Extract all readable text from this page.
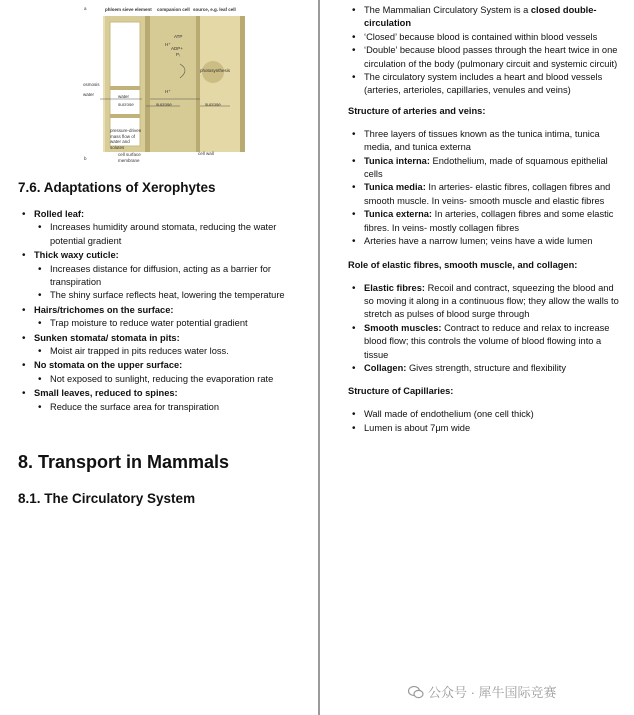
a
b
phloem sieve element companion cell source, e.g. leaf cell
ATP
ADP+
Pᵢ
H⁺
H⁺
photosynthesis
osmosis
water	water
sucrose	sucrose	sucrose
pressure-driven mass flow of water and solutes
cell surface membrane
cell wall
7.6. Adaptations of Xerophytes
• Rolled leaf:
• Increases humidity around stomata, reducing the water potential gradient
• Thick waxy cuticle:
• Increases distance for diffusion, acting as a barrier for transpiration
• The shiny surface reflects heat, lowering the temperature
• Hairs/trichomes on the surface:
• Trap moisture to reduce water potential gradient
• Sunken stomata/ stomata in pits:
• Moist air trapped in pits reduces water loss.
• No stomata on the upper surface:
• Not exposed to sunlight, reducing the evaporation rate
• Small leaves, reduced to spines:
• Reduce the surface area for transpiration
8. Transport in Mammals
8.1. The Circulatory System
• The Mammalian Circulatory System is a closed double-circulation
• ‘Closed’ because blood is contained within blood vessels
• ‘Double’ because blood passes through the heart twice in one circulation of the body (pulmonary circuit and systemic circuit)
• The circulatory system includes a heart and blood vessels (arteries, arterioles, capillaries, venules and veins)

Structure of arteries and veins:

• Three layers of tissues known as the tunica intima, tunica media, and tunica externa
• Tunica interna: Endothelium, made of squamous epithelial cells
• Tunica media: In arteries- elastic fibres, collagen fibres and smooth muscle. In veins- smooth muscle and elastic fibres
• Tunica externa: In arteries, collagen fibres and some elastic fibres. In veins- mostly collagen fibres
• Arteries have a narrow lumen; veins have a wide lumen

Role of elastic fibres, smooth muscle, and collagen:

• Elastic fibres: Recoil and contract, squeezing the blood and so moving it along in a continuous flow; they allow the walls to stretch as pulses of blood surge through
• Smooth muscles: Contract to reduce and relax to increase blood flow; this controls the volume of blood flowing into a tissue
• Collagen: Gives strength, structure and flexibility

Structure of Capillaries:

• Wall made of endothelium (one cell thick)
• Lumen is about 7μm wide
公众号 · 犀牛国际竞赛
